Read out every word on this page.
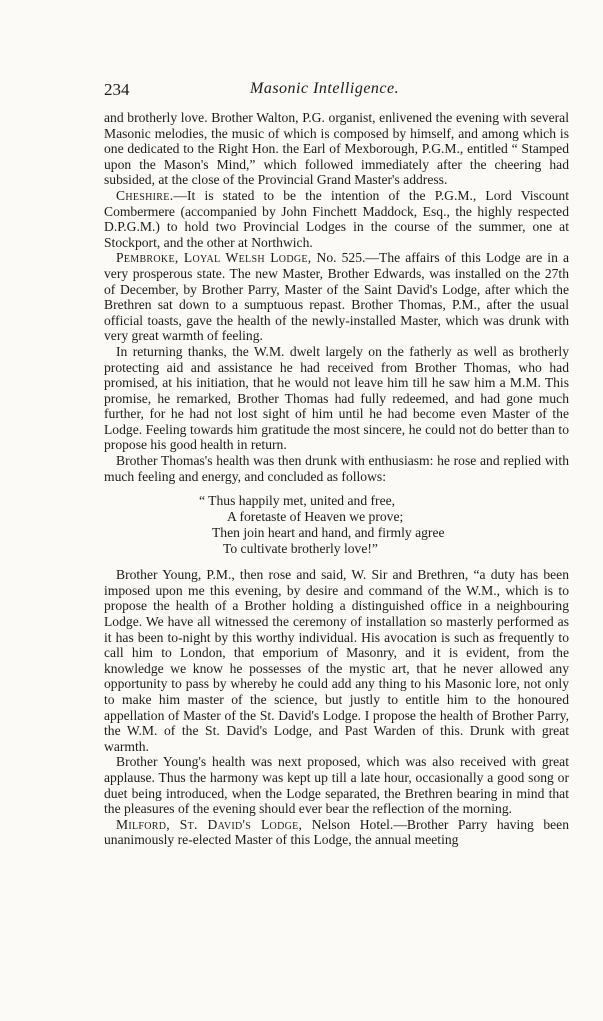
234	Masonic Intelligence.

and brotherly love. Brother Walton, P.G. organist, enlivened the evening with several Masonic melodies, the music of which is composed by himself, and among which is one dedicated to the Right Hon. the Earl of Mexborough, P.G.M., entitled “ Stamped upon the Mason's Mind,” which followed immediately after the cheering had subsided, at the close of the Provincial Grand Master's address.

Cheshire.—It is stated to be the intention of the P.G.M., Lord Viscount Combermere (accompanied by John Finchett Maddock, Esq., the highly respected D.P.G.M.) to hold two Provincial Lodges in the course of the summer, one at Stockport, and the other at Northwich.

Pembroke, Loyal Welsh Lodge, No. 525.—The affairs of this Lodge are in a very prosperous state. The new Master, Brother Edwards, was installed on the 27th of December, by Brother Parry, Master of the Saint David's Lodge, after which the Brethren sat down to a sumptuous repast. Brother Thomas, P.M., after the usual official toasts, gave the health of the newly-installed Master, which was drunk with very great warmth of feeling.

In returning thanks, the W.M. dwelt largely on the fatherly as well as brotherly protecting aid and assistance he had received from Brother Thomas, who had promised, at his initiation, that he would not leave him till he saw him a M.M. This promise, he remarked, Brother Thomas had fully redeemed, and had gone much further, for he had not lost sight of him until he had become even Master of the Lodge. Feeling towards him gratitude the most sincere, he could not do better than to propose his good health in return.

Brother Thomas's health was then drunk with enthusiasm: he rose and replied with much feeling and energy, and concluded as follows:

“ Thus happily met, united and free,
A foretaste of Heaven we prove;
Then join heart and hand, and firmly agree
To cultivate brotherly love!”

Brother Young, P.M., then rose and said, W. Sir and Brethren, “a duty has been imposed upon me this evening, by desire and command of the W.M., which is to propose the health of a Brother holding a distinguished office in a neighbouring Lodge. We have all witnessed the ceremony of installation so masterly performed as it has been to-night by this worthy individual. His avocation is such as frequently to call him to London, that emporium of Masonry, and it is evident, from the knowledge we know he possesses of the mystic art, that he never allowed any opportunity to pass by whereby he could add any thing to his Masonic lore, not only to make him master of the science, but justly to entitle him to the honoured appellation of Master of the St. David's Lodge. I propose the health of Brother Parry, the W.M. of the St. David's Lodge, and Past Warden of this. Drunk with great warmth.

Brother Young's health was next proposed, which was also received with great applause. Thus the harmony was kept up till a late hour, occasionally a good song or duet being introduced, when the Lodge separated, the Brethren bearing in mind that the pleasures of the evening should ever bear the reflection of the morning.

Milford, St. David's Lodge, Nelson Hotel.—Brother Parry having been unanimously re-elected Master of this Lodge, the annual meeting
